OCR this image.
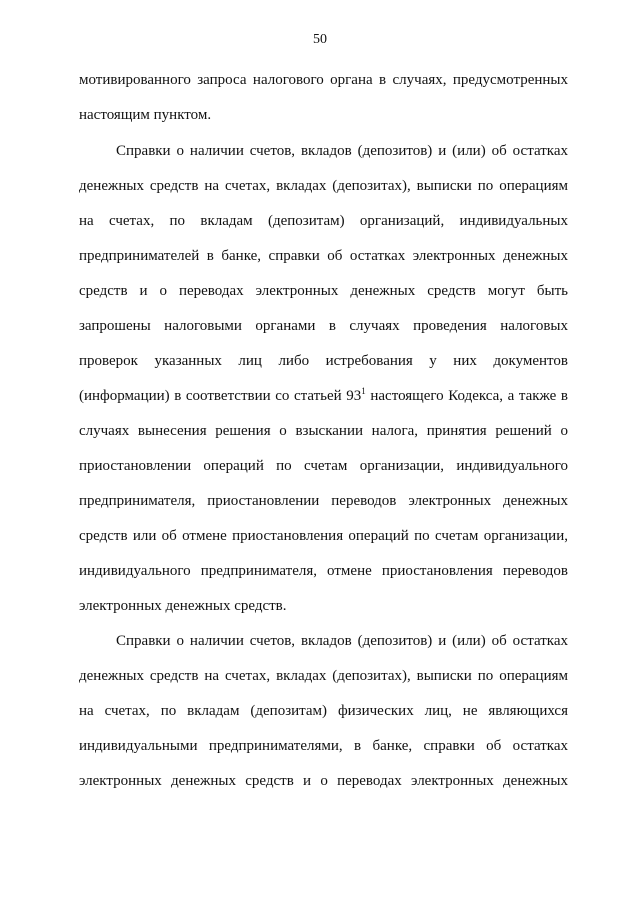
50
мотивированного запроса налогового органа в случаях, предусмотренных
настоящим пунктом.
Справки о наличии счетов, вкладов (депозитов) и (или) об остатках
денежных средств на счетах, вкладах (депозитах), выписки по операциям
на счетах, по вкладам (депозитам) организаций, индивидуальных
предпринимателей в банке, справки об остатках электронных денежных
средств и о переводах электронных денежных средств могут быть
запрошены налоговыми органами в случаях проведения налоговых
проверок указанных лиц либо истребования у них документов
(информации) в соответствии со статьей $93^1$ настоящего Кодекса, а также в
случаях вынесения решения о взыскании налога, принятия решений о
приостановлении операций по счетам организации, индивидуального
предпринимателя, приостановлении переводов электронных денежных
средств или об отмене приостановления операций по счетам организации,
индивидуального предпринимателя, отмене приостановления переводов
электронных денежных средств.
Справки о наличии счетов, вкладов (депозитов) и (или) об остатках
денежных средств на счетах, вкладах (депозитах), выписки по операциям
на счетах, по вкладам (депозитам) физических лиц, не являющихся
индивидуальными предпринимателями, в банке, справки об остатках
электронных денежных средств и о переводах электронных денежных
